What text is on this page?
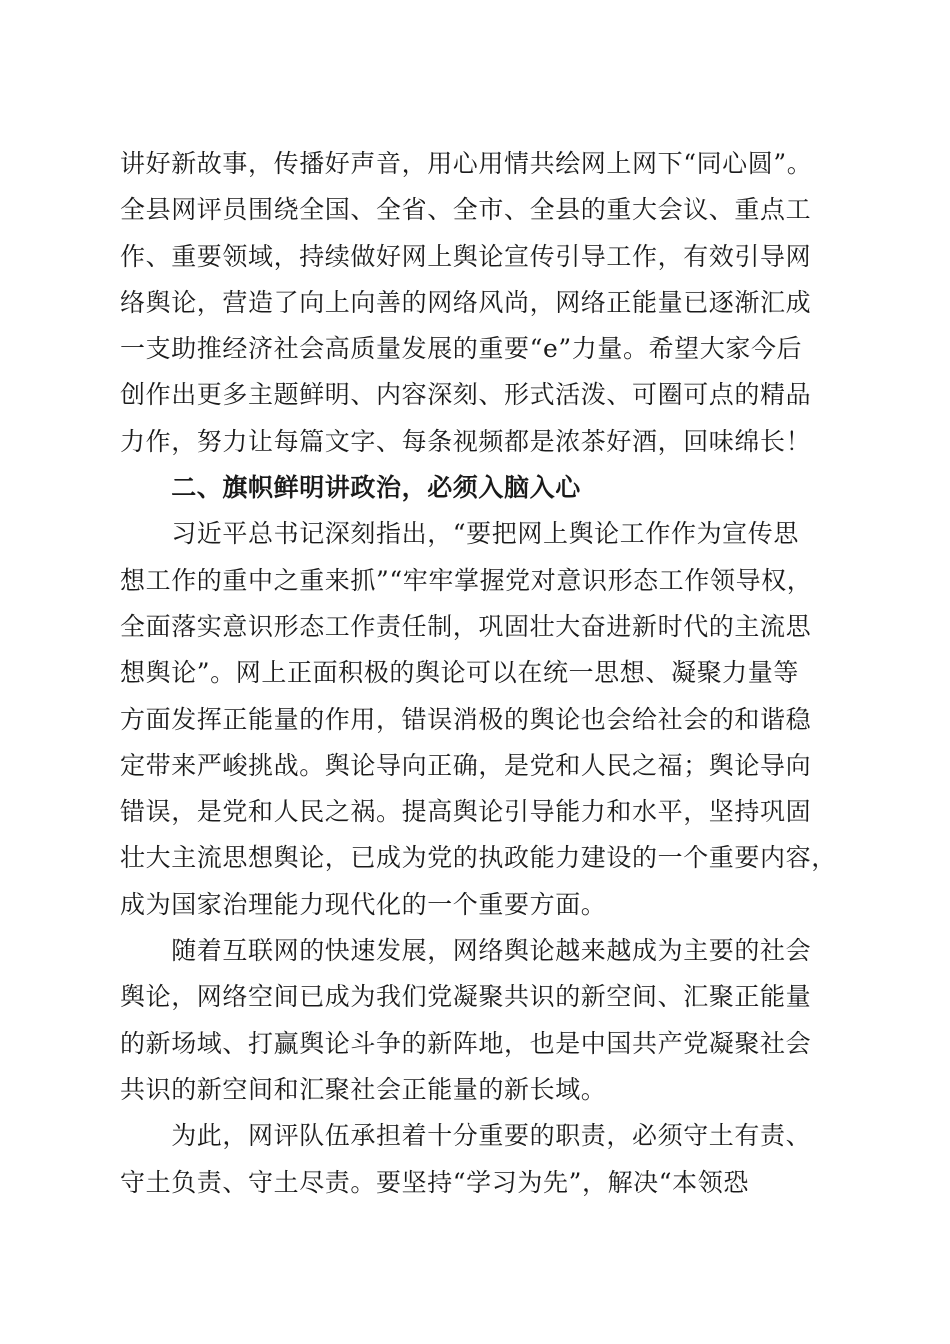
讲好新故事，传播好声音，用心用情共绘网上网下“同心圆”。
全县网评员围绕全国、全省、全市、全县的重大会议、重点工
作、重要领域，持续做好网上舆论宣传引导工作，有效引导网
络舆论，营造了向上向善的网络风尚，网络正能量已逐渐汇成
一支助推经济社会高质量发展的重要“e”力量。希望大家今后
创作出更多主题鲜明、内容深刻、形式活泼、可圈可点的精品
力作，努力让每篇文字、每条视频都是浓茶好酒，回味绵长！
　　二、旗帜鲜明讲政治，必须入脑入心
　　习近平总书记深刻指出，“要把网上舆论工作作为宣传思
想工作的重中之重来抓”“牢牢掌握党对意识形态工作领导权，
全面落实意识形态工作责任制，巩固壮大奋进新时代的主流思
想舆论”。网上正面积极的舆论可以在统一思想、凝聚力量等
方面发挥正能量的作用，错误消极的舆论也会给社会的和谐稳
定带来严峻挑战。舆论导向正确，是党和人民之福；舆论导向
错误，是党和人民之祸。提高舆论引导能力和水平，坚持巩固
壮大主流思想舆论，已成为党的执政能力建设的一个重要内容，
成为国家治理能力现代化的一个重要方面。
　　随着互联网的快速发展，网络舆论越来越成为主要的社会
舆论，网络空间已成为我们党凝聚共识的新空间、汇聚正能量
的新场域、打赢舆论斗争的新阵地，也是中国共产党凝聚社会
共识的新空间和汇聚社会正能量的新长域。
　　为此，网评队伍承担着十分重要的职责，必须守土有责、
守土负责、守土尽责。要坚持“学习为先”，解决“本领恐
